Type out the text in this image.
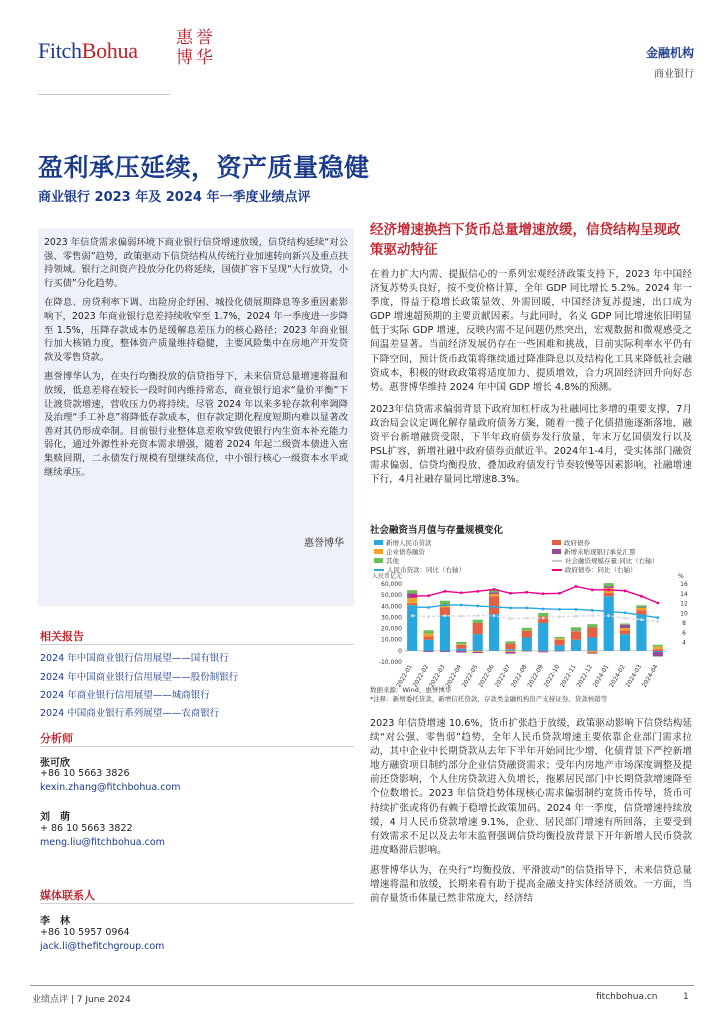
FitchBohua 惠誉博华	金融机构
商业银行
盈利承压延续，资产质量稳健
商业银行 2023 年及 2024 年一季度业绩点评

2023 年信贷需求偏弱环境下商业银行信贷增速放缓，信贷结构延续“对公强、零售弱”趋势，政策驱动下信贷结构从传统行业加速转向新兴及重点扶持领域。银行之间资产投放分化仍将延续，国债扩容下呈现“大行放贷，小行买债”分化趋势。

在降息、房贷利率下调、出险房企纾困、城投化债展期降息等多重因素影响下，2023 年商业银行息差持续收窄至 1.7%，2024 年一季度进一步降至 1.5%，压降存款成本仍是缓解息差压力的核心路径；2023 年商业银行加大核销力度，整体资产质量维持稳健，主要风险集中在房地产开发贷款及零售贷款。

惠誉博华认为，在央行均衡投放的信贷指导下，未来信贷总量增速将温和放缓，低息差将在较长一段时间内维持常态，商业银行追求“量价平衡”下让渡贷款增速，营收压力仍将持续。尽管 2024 年以来多轮存款利率调降及治理“手工补息”将降低存款成本，但存款定期化程度短期内难以显著改善对其仍形成牵制。目前银行业整体息差收窄致使银行内生资本补充能力弱化，通过外源性补充资本需求增强，随着 2024 年起二级资本债进入密集赎回期，二永债发行规模有望继续高位，中小银行核心一级资本水平或继续承压。

惠誉博华
相关报告
2024 年中国商业银行信用展望——国有银行
2024 年中国商业银行信用展望——股份制银行
2024 年商业银行信用展望——城商银行
2024 中国商业银行系列展望——农商银行
分析师
张可欣
+86 10 5663 3826
kexin.zhang@fitchbohua.com
刘　萌
+ 86 10 5663 3822
meng.liu@fitchbohua.com
媒体联系人
李　林
+86 10 5957 0964
jack.li@thefitchgroup.com
经济增速换挡下货币总量增速放缓，信贷结构呈现政策驱动特征
在着力扩大内需、提振信心的一系列宏观经济政策支持下，2023 年中国经济复苏势头良好，按不变价格计算，全年 GDP 同比增长 5.2%。2024 年一季度，得益于稳增长政策显效、外需回暖，中国经济复苏提速，出口成为 GDP 增速超预期的主要贡献因素。与此同时，名义 GDP 同比增速依旧明显低于实际 GDP 增速，反映内需不足问题仍然突出，宏观数据和微观感受之间温差显著。当前经济发展仍存在一些困难和挑战，目前实际利率水平仍有下降空间，预计货币政策将继续通过降准降息以及结构化工具来降低社会融资成本，积极的财政政策将适度加力、提质增效，合力巩固经济回升向好态势。惠誉博华维持 2024 年中国 GDP 增长 4.8%的预测。
2023年信贷需求偏弱背景下政府加杠杆成为社融同比多增的重要支撑，7月政治局会议定调化解存量政府债务方案，随着一揽子化债措施逐渐落地，融资平台新增融资受限，下半年政府债券发行放量，年末万亿国债发行以及PSL扩容，新增社融中政府债券贡献近半。2024年1-4月，受实体部门融资需求偏弱、信贷均衡投放、叠加政府债发行节奏较慢等因素影响，社融增速下行，4月社融存量同比增速8.3%。
社会融资当月值与存量规模变化
新增人民币贷款	政府债券
企业债券融资	新增未贴现银行承兑汇票
其他	社会融资规模存量:同比（右轴）
人民币贷款：同比（右轴）	政府债券：同比（右轴）
人民币亿元	%
60,000
50,000
40,000
30,000
20,000
10,000
0
-10,000
16
14
12
10
8
6
4
2022-01
2022-02
2022-03
2022-04
2022-05
2022-06
2022-07
2022-08
2022-09
2022-10
2022-11
2022-12
2024-01
2024-02
2024-03
2024-04
数据来源：Wind，惠誉博华
*注释：新增委托贷款、新增信托贷款、存款类金融机构资产支持证券、贷款核销等
2023 年信贷增速 10.6%，货币扩张趋于放缓，政策驱动影响下信贷结构延续“对公强、零售弱”趋势，全年人民币贷款增速主要依靠企业部门需求拉动，其中企业中长期贷款从去年下半年开始同比少增，化债背景下严控新增地方融资项目制约部分企业信贷融资需求；受年内房地产市场深度调整及提前还贷影响，个人住房贷款进入负增长，拖累居民部门中长期贷款增速降至个位数增长。2023 年信贷趋势体现核心需求偏弱制约宽货币传导，货币可持续扩张或将仍有赖于稳增长政策加码。2024 年一季度，信贷增速持续放缓，4 月人民币贷款增速 9.1%，企业、居民部门增速有所回落，主要受到有效需求不足以及去年末监督强调信贷均衡投放背景下开年新增人民币贷款进度略滞后影响。
惠誉博华认为，在央行“均衡投放、平滑波动”的信贷指导下，未来信贷总量增速将温和放缓，长期来看有助于提高金融支持实体经济质效。一方面，当前存量货币体量已然非常庞大，经济结
业绩点评 | 7 June 2024	fitchbohua.cn	1
